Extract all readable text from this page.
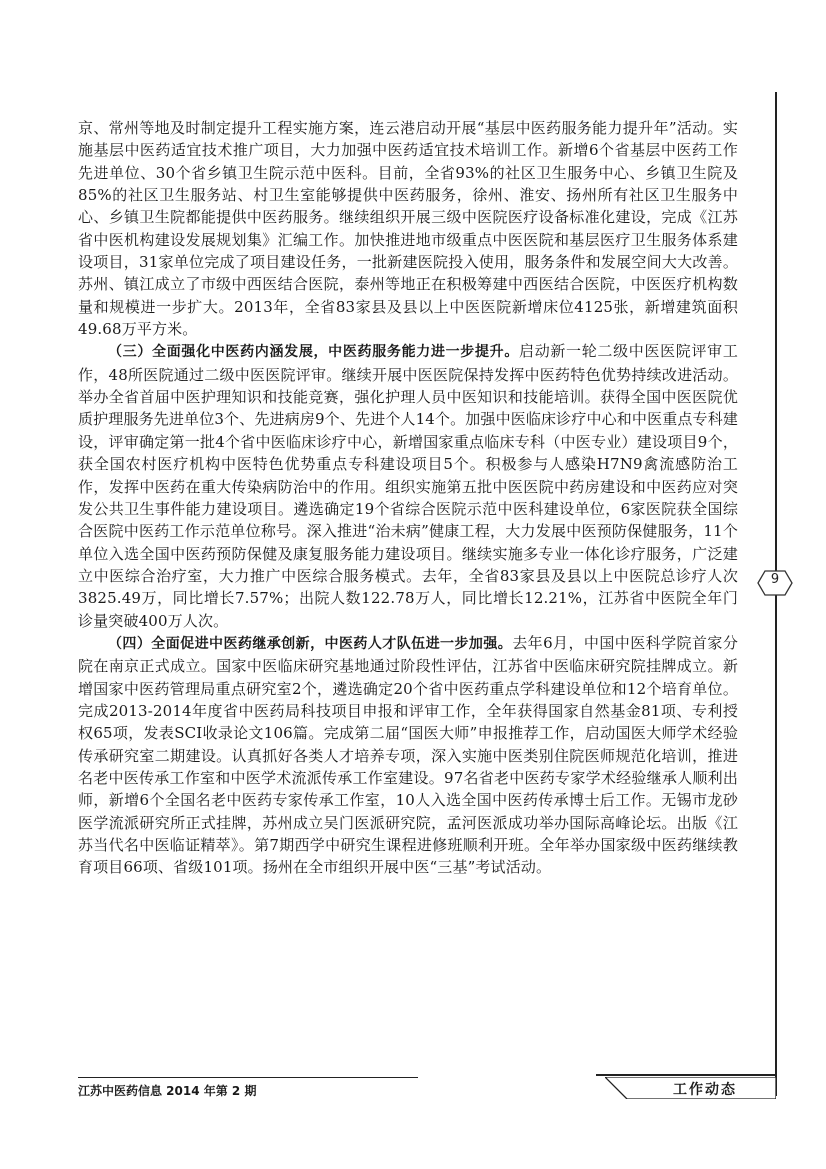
京、常州等地及时制定提升工程实施方案，连云港启动开展“基层中医药服务能力提升年”活动。实施基层中医药适宜技术推广项目，大力加强中医药适宜技术培训工作。新增6个省基层中医药工作先进单位、30个省乡镇卫生院示范中医科。目前，全省93%的社区卫生服务中心、乡镇卫生院及85%的社区卫生服务站、村卫生室能够提供中医药服务，徐州、淮安、扬州所有社区卫生服务中心、乡镇卫生院都能提供中医药服务。继续组织开展三级中医院医疗设备标准化建设，完成《江苏省中医机构建设发展规划集》汇编工作。加快推进地市级重点中医医院和基层医疗卫生服务体系建设项目，31家单位完成了项目建设任务，一批新建医院投入使用，服务条件和发展空间大大改善。苏州、镇江成立了市级中西医结合医院，泰州等地正在积极筹建中西医结合医院，中医医疗机构数量和规模进一步扩大。2013年，全省83家县及县以上中医医院新增床位4125张，新增建筑面积49.68万平方米。

（三）全面强化中医药内涵发展，中医药服务能力进一步提升。启动新一轮二级中医医院评审工作，48所医院通过二级中医医院评审。继续开展中医医院保持发挥中医药特色优势持续改进活动。举办全省首届中医护理知识和技能竞赛，强化护理人员中医知识和技能培训。获得全国中医医院优质护理服务先进单位3个、先进病房9个、先进个人14个。加强中医临床诊疗中心和中医重点专科建设，评审确定第一批4个省中医临床诊疗中心，新增国家重点临床专科（中医专业）建设项目9个，获全国农村医疗机构中医特色优势重点专科建设项目5个。积极参与人感染H7N9禽流感防治工作，发挥中医药在重大传染病防治中的作用。组织实施第五批中医医院中药房建设和中医药应对突发公共卫生事件能力建设项目。遴选确定19个省综合医院示范中医科建设单位，6家医院获全国综合医院中医药工作示范单位称号。深入推进“治未病”健康工程，大力发展中医预防保健服务，11个单位入选全国中医药预防保健及康复服务能力建设项目。继续实施多专业一体化诊疗服务，广泛建立中医综合治疗室，大力推广中医综合服务模式。去年，全省83家县及县以上中医院总诊疗人次3825.49万，同比增长7.57%；出院人数122.78万人，同比增长12.21%，江苏省中医院全年门诊量突破400万人次。

（四）全面促进中医药继承创新，中医药人才队伍进一步加强。去年6月，中国中医科学院首家分院在南京正式成立。国家中医临床研究基地通过阶段性评估，江苏省中医临床研究院挂牌成立。新增国家中医药管理局重点研究室2个，遴选确定20个省中医药重点学科建设单位和12个培育单位。完成2013-2014年度省中医药局科技项目申报和评审工作，全年获得国家自然基金81项、专利授权65项，发表SCI收录论文106篇。完成第二届“国医大师”申报推荐工作，启动国医大师学术经验传承研究室二期建设。认真抓好各类人才培养专项，深入实施中医类别住院医师规范化培训，推进名老中医传承工作室和中医学术流派传承工作室建设。97名省老中医药专家学术经验继承人顺利出师，新增6个全国名老中医药专家传承工作室，10人入选全国中医药传承博士后工作。无锡市龙砂医学流派研究所正式挂牌，苏州成立吴门医派研究院，孟河医派成功举办国际高峰论坛。出版《江苏当代名中医临证精萃》。第7期西学中研究生课程进修班顺利开班。全年举办国家级中医药继续教育项目66项、省级101项。扬州在全市组织开展中医“三基”考试活动。

9
江苏中医药信息 2014 年第 2 期	工作动态
